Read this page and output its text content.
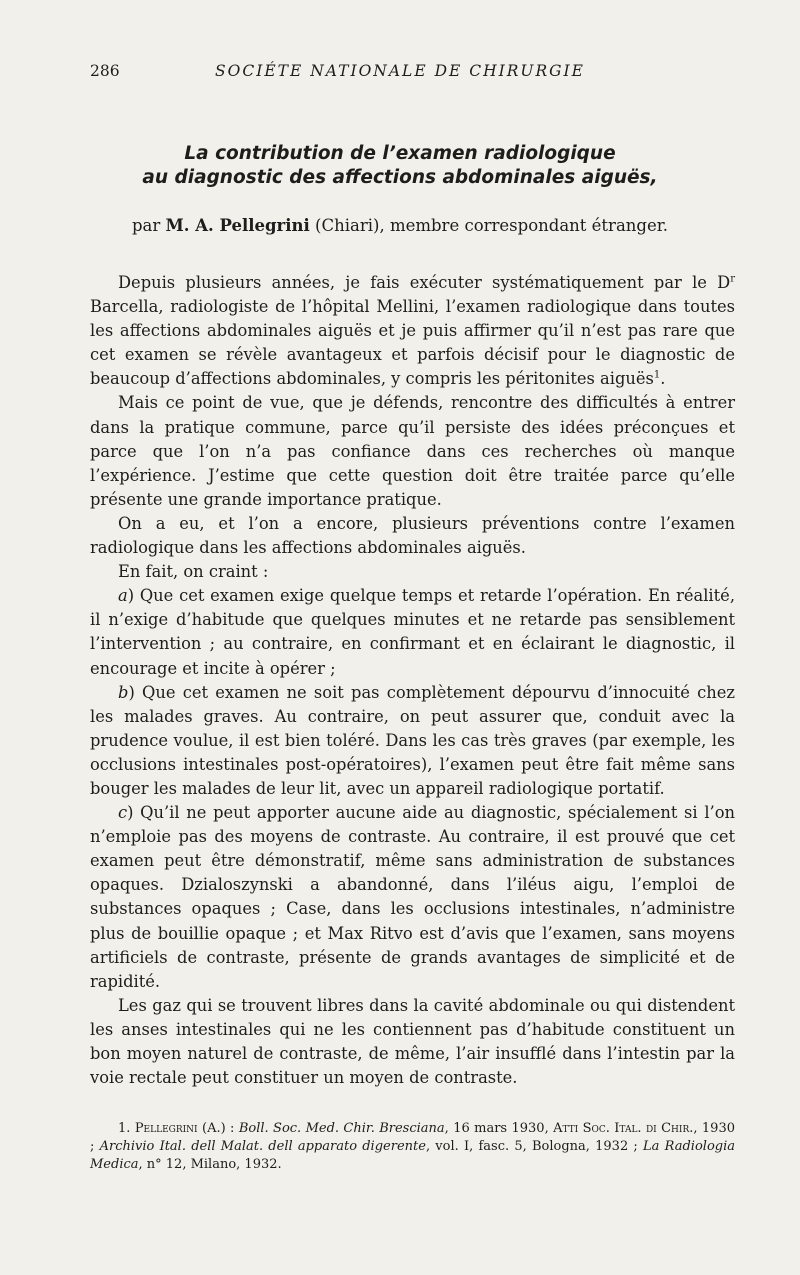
286	SOCIÉTE NATIONALE DE CHIRURGIE
La contribution de l’examen radiologique
au diagnostic des affections abdominales aiguës,
par M. A. Pellegrini (Chiari), membre correspondant étranger.

Depuis plusieurs années, je fais exécuter systématiquement par le $D^r$ Barcella, radiologiste de l’hôpital Mellini, l’examen radiologique dans toutes les affections abdominales aiguës et je puis affirmer qu’il n’est pas rare que cet examen se révèle avantageux et parfois décisif pour le diagnostic de beaucoup d’affections abdominales, y compris les péritonites aiguës$^1$.

Mais ce point de vue, que je défends, rencontre des difficultés à entrer dans la pratique commune, parce qu’il persiste des idées préconçues et parce que l’on n’a pas confiance dans ces recherches où manque l’expérience. J’estime que cette question doit être traitée parce qu’elle présente une grande importance pratique.

On a eu, et l’on a encore, plusieurs préventions contre l’examen radiologique dans les affections abdominales aiguës.

En fait, on craint :

a) Que cet examen exige quelque temps et retarde l’opération. En réalité, il n’exige d’habitude que quelques minutes et ne retarde pas sensiblement l’intervention ; au contraire, en confirmant et en éclairant le diagnostic, il encourage et incite à opérer ;

b) Que cet examen ne soit pas complètement dépourvu d’innocuité chez les malades graves. Au contraire, on peut assurer que, conduit avec la prudence voulue, il est bien toléré. Dans les cas très graves (par exemple, les occlusions intestinales post-opératoires), l’examen peut être fait même sans bouger les malades de leur lit, avec un appareil radiologique portatif.

c) Qu’il ne peut apporter aucune aide au diagnostic, spécialement si l’on n’emploie pas des moyens de contraste. Au contraire, il est prouvé que cet examen peut être démonstratif, même sans administration de substances opaques. Dzialoszynski a abandonné, dans l’iléus aigu, l’emploi de substances opaques ; Case, dans les occlusions intestinales, n’administre plus de bouillie opaque ; et Max Ritvo est d’avis que l’examen, sans moyens artificiels de contraste, présente de grands avantages de simplicité et de rapidité.

Les gaz qui se trouvent libres dans la cavité abdominale ou qui distendent les anses intestinales qui ne les contiennent pas d’habitude constituent un bon moyen naturel de contraste, de même, l’air insufflé dans l’intestin par la voie rectale peut constituer un moyen de contraste.

1. Pellegrini (A.) : Boll. Soc. Med. Chir. Bresciana, 16 mars 1930, Atti Soc. Ital. di Chir., 1930 ; Archivio Ital. dell Malat. dell apparato digerente, vol. I, fasc. 5, Bologna, 1932 ; La Radiologia Medica, n° 12, Milano, 1932.
